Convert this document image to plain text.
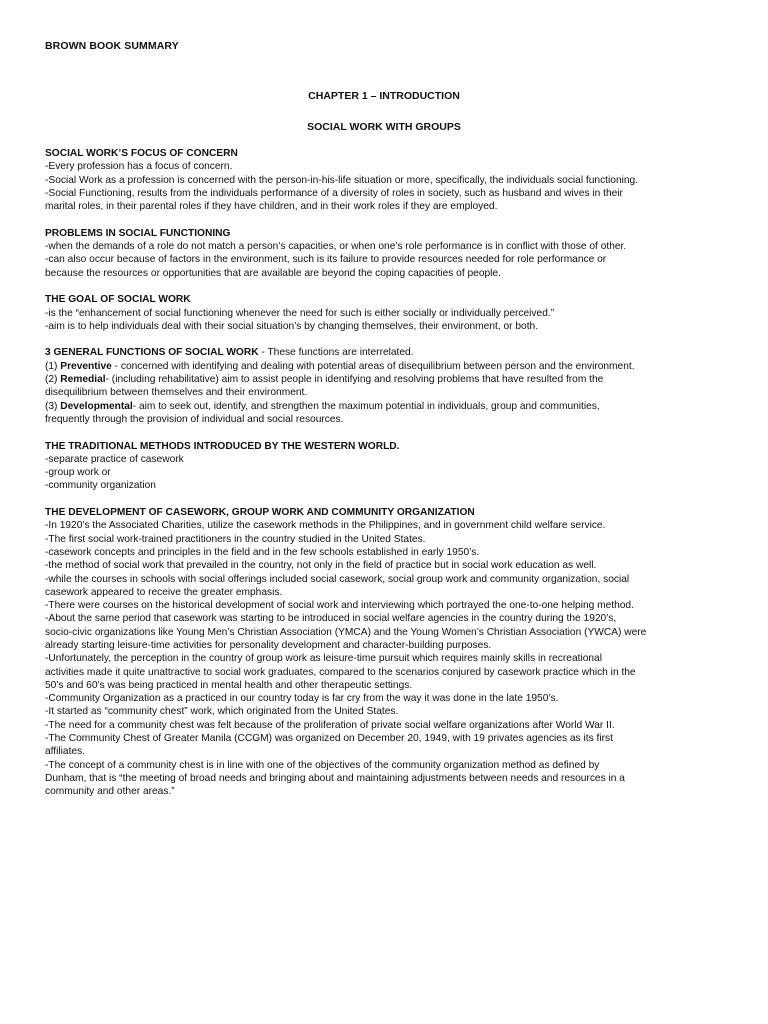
BROWN BOOK SUMMARY
CHAPTER 1 – INTRODUCTION
SOCIAL WORK WITH GROUPS
SOCIAL WORK’S FOCUS OF CONCERN
-Every profession has a focus of concern.
-Social Work as a profession is concerned with the person-in-his-life situation or more, specifically, the individuals social functioning.
-Social Functioning, results from the individuals performance of a diversity of roles in society, such as husband and wives in their
marital roles, in their parental roles if they have children, and in their work roles if they are employed.
PROBLEMS IN SOCIAL FUNCTIONING
-when the demands of a role do not match a person’s capacities, or when one’s role performance is in conflict with those of other.
-can also occur because of factors in the environment, such is its failure to provide resources needed for role performance or
because the resources or opportunities that are available are beyond the coping capacities of people.
THE GOAL OF SOCIAL WORK
-is the “enhancement of social functioning whenever the need for such is either socially or individually perceived.”
-aim is to help individuals deal with their social situation’s by changing themselves, their environment, or both.
3 GENERAL FUNCTIONS OF SOCIAL WORK - These functions are interrelated.
(1) Preventive - concerned with identifying and dealing with potential areas of disequilibrium between person and the environment.
(2) Remedial- (including rehabilitative) aim to assist people in identifying and resolving problems that have resulted from the
disequilibrium between themselves and their environment.
(3) Developmental- aim to seek out, identify, and strengthen the maximum potential in individuals, group and communities,
frequently through the provision of individual and social resources.
THE TRADITIONAL METHODS INTRODUCED BY THE WESTERN WORLD.
-separate practice of casework
-group work or
-community organization
THE DEVELOPMENT OF CASEWORK, GROUP WORK AND COMMUNITY ORGANIZATION
-In 1920’s the Associated Charities, utilize the casework methods in the Philippines, and in government child welfare service.
-The first social work-trained practitioners in the country studied in the United States.
-casework concepts and principles in the field and in the few schools established in early 1950’s.
-the method of social work that prevailed in the country, not only in the field of practice but in social work education as well.
-while the courses in schools with social offerings included social casework, social group work and community organization, social
casework appeared to receive the greater emphasis.
-There were courses on the historical development of social work and interviewing which portrayed the one-to-one helping method.
-About the same period that casework was starting to be introduced in social welfare agencies in the country during the 1920’s,
socio-civic organizations like Young Men’s Christian Association (YMCA) and the Young Women’s Christian Association (YWCA) were
already starting leisure-time activities for personality development and character-building purposes.
-Unfortunately, the perception in the country of group work as leisure-time pursuit which requires mainly skills in recreational
activities made it quite unattractive to social work graduates, compared to the scenarios conjured by casework practice which in the
50’s and 60’s was being practiced in mental health and other therapeutic settings.
-Community Organization as a practiced in our country today is far cry from the way it was done in the late 1950’s.
-It started as “community chest” work, which originated from the United States.
-The need for a community chest was felt because of the proliferation of private social welfare organizations after World War II.
-The Community Chest of Greater Manila (CCGM) was organized on December 20, 1949, with 19 privates agencies as its first
affiliates.
-The concept of a community chest is in line with one of the objectives of the community organization method as defined by
Dunham, that is “the meeting of broad needs and bringing about and maintaining adjustments between needs and resources in a
community and other areas.”
